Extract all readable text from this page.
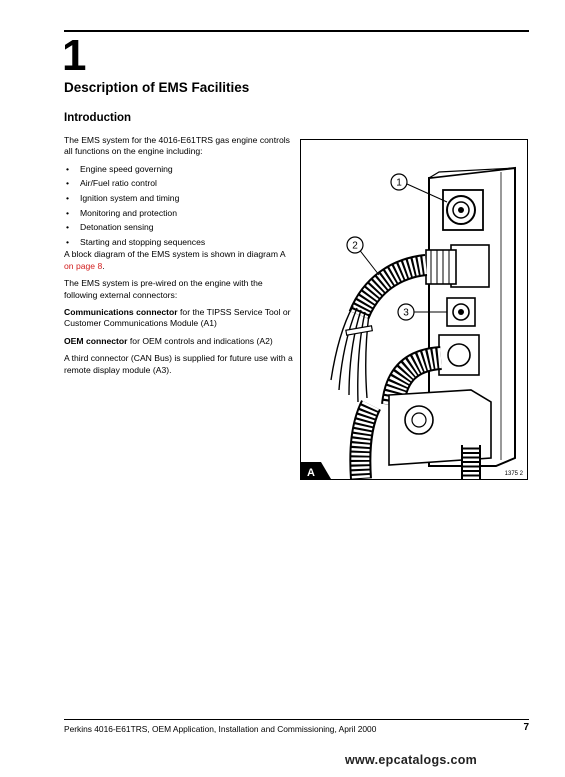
1
Description of EMS Facilities
Introduction

The EMS system for the 4016-E61TRS gas engine controls all functions on the engine including:

• Engine speed governing
• Air/Fuel ratio control
• Ignition system and timing
• Monitoring and protection
• Detonation sensing
• Starting and stopping sequences

A block diagram of the EMS system is shown in diagram A on page 8.

The EMS system is pre-wired on the engine with the following external connectors:

Communications connector for the TIPSS Service Tool or Customer Communications Module (A1)

OEM connector for OEM controls and indications (A2)

A third connector (CAN Bus) is supplied for future use with a remote display module (A3).

1
2
3
A	1375 2
Perkins 4016-E61TRS, OEM Application, Installation and Commissioning, April 2000	7
www.epcatalogs.com
